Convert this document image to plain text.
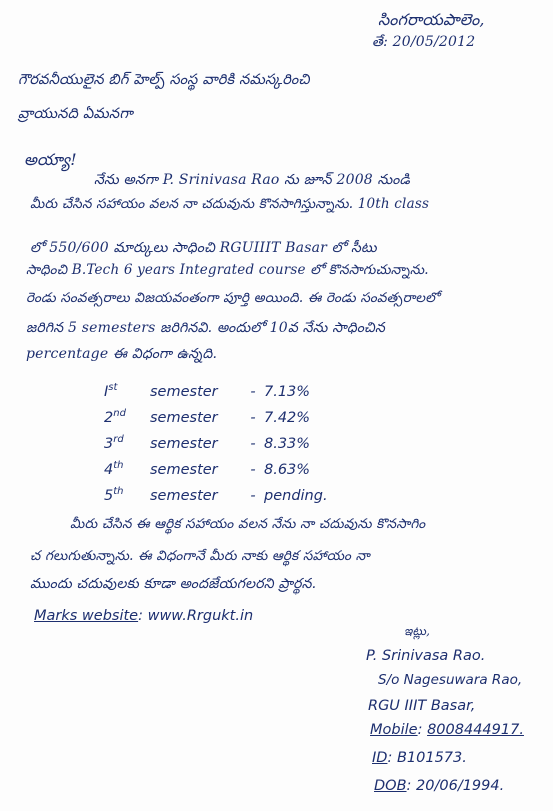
సింగరాయపాలెం,
తే: 20/05/2012
గౌరవనీయులైన బిగ్ హెల్ప్ సంస్థ వారికి నమస్కరించి
వ్రాయునది ఏమనగా
అయ్యా!
నేను అనగా P. Srinivasa Rao ను జూన్ 2008 నుండి
మీరు చేసిన సహాయం వలన నా చదువును కొనసాగిస్తున్నాను. 10th class
లో 550/600 మార్కులు సాధించి RGUIIIT Basar లో సీటు
సాధించి B.Tech 6 years Integrated course లో కొనసాగుచున్నాను.
రెండు సంవత్సరాలు విజయవంతంగా పూర్తి అయింది. ఈ రెండు సంవత్సరాలలో
జరిగిన 5 semesters జరిగినవి. అందులో 10వ నేను సాధించిన
percentage ఈ విధంగా ఉన్నది.
Ist semester - 7.13%
2nd semester - 7.42%
3rd semester - 8.33%
4th semester - 8.63%
5th semester - pending.
మీరు చేసిన ఈ ఆర్థిక సహాయం వలన నేను నా చదువును కొనసాగిం
చ గలుగుతున్నాను. ఈ విధంగానే మీరు నాకు ఆర్థిక సహాయం నా
ముందు చదువులకు కూడా అందజేయగలరని ప్రార్థన.
Marks website: www.Rrgukt.in
ఇట్లు,
P. Srinivasa Rao.
S/o Nagesuwara Rao,
RGU IIIT Basar,
Mobile: 8008444917.
ID: B101573.
DOB: 20/06/1994.
